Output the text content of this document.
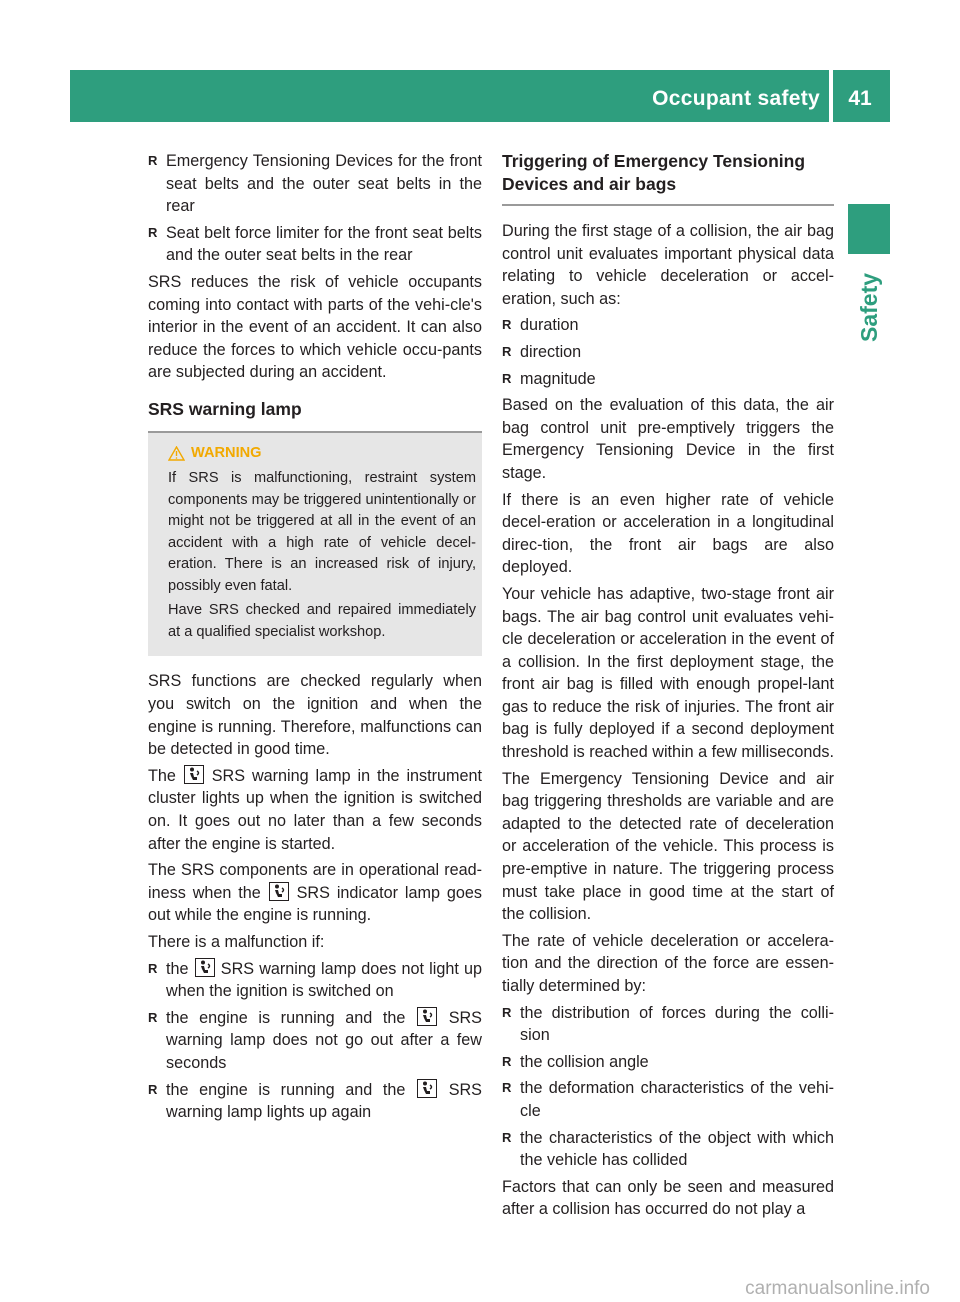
Occupant safety	41
Safety
R Emergency Tensioning Devices for the front seat belts and the outer seat belts in the rear
R Seat belt force limiter for the front seat belts and the outer seat belts in the rear

SRS reduces the risk of vehicle occupants coming into contact with parts of the vehi-cle's interior in the event of an accident. It can also reduce the forces to which vehicle occu-pants are subjected during an accident.

SRS warning lamp

WARNING

If SRS is malfunctioning, restraint system components may be triggered unintentionally or might not be triggered at all in the event of an accident with a high rate of vehicle decel-eration. There is an increased risk of injury, possibly even fatal.

Have SRS checked and repaired immediately at a qualified specialist workshop.

SRS functions are checked regularly when you switch on the ignition and when the engine is running. Therefore, malfunctions can be detected in good time.

The SRS warning lamp in the instrument cluster lights up when the ignition is switched on. It goes out no later than a few seconds after the engine is started.

The SRS components are in operational read-iness when the SRS indicator lamp goes out while the engine is running.

There is a malfunction if:

R the SRS warning lamp does not light up when the ignition is switched on
R the engine is running and the	SRS warning lamp does not go out after a few seconds
R the engine is running and the	SRS warning lamp lights up again
Triggering of Emergency Tensioning Devices and air bags

During the first stage of a collision, the air bag control unit evaluates important physical data relating to vehicle deceleration or accel-eration, such as:

R duration
R direction
R magnitude

Based on the evaluation of this data, the air bag control unit pre-emptively triggers the Emergency Tensioning Device in the first stage.

If there is an even higher rate of vehicle decel-eration or acceleration in a longitudinal direc-tion, the front air bags are also deployed.

Your vehicle has adaptive, two-stage front air bags. The air bag control unit evaluates vehi-cle deceleration or acceleration in the event of a collision. In the first deployment stage, the front air bag is filled with enough propel-lant gas to reduce the risk of injuries. The front air bag is fully deployed if a second deployment threshold is reached within a few milliseconds.

The Emergency Tensioning Device and air bag triggering thresholds are variable and are adapted to the detected rate of deceleration or acceleration of the vehicle. This process is pre-emptive in nature. The triggering process must take place in good time at the start of the collision.

The rate of vehicle deceleration or accelera-tion and the direction of the force are essen-tially determined by:

R the distribution of forces during the colli-sion
R the collision angle
R the deformation characteristics of the vehi-cle
R the characteristics of the object with which the vehicle has collided

Factors that can only be seen and measured after a collision has occurred do not play a

carmanualsonline.info
